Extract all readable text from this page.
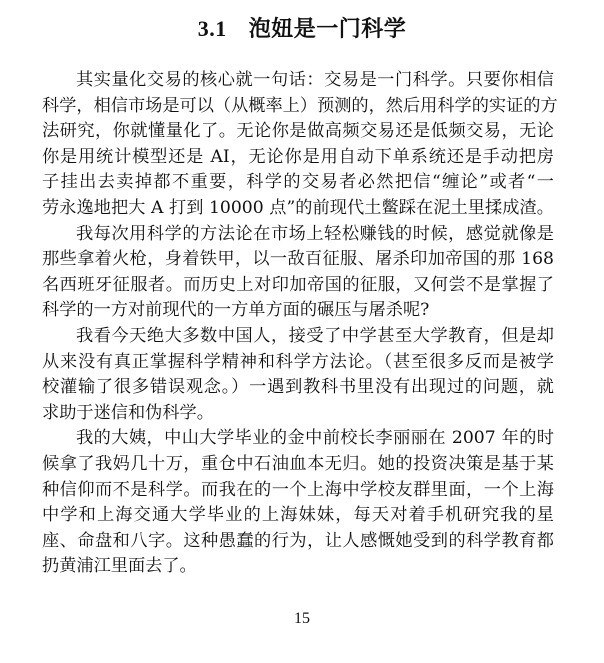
3.1 泡妞是一门科学
其实量化交易的核心就一句话：交易是一门科学。只要你相信
科学，相信市场是可以（从概率上）预测的，然后用科学的实证的方
法研究，你就懂量化了。无论你是做高频交易还是低频交易，无论
你是用统计模型还是 AI，无论你是用自动下单系统还是手动把房
子挂出去卖掉都不重要，科学的交易者必然把信“缠论”或者“一
劳永逸地把大 A 打到 10000 点”的前现代土鳖踩在泥土里揉成渣。
我每次用科学的方法论在市场上轻松赚钱的时候，感觉就像是
那些拿着火枪，身着铁甲，以一敌百征服、屠杀印加帝国的那 168
名西班牙征服者。而历史上对印加帝国的征服，又何尝不是掌握了
科学的一方对前现代的一方单方面的碾压与屠杀呢?
我看今天绝大多数中国人，接受了中学甚至大学教育，但是却
从来没有真正掌握科学精神和科学方法论。（甚至很多反而是被学
校灌输了很多错误观念。）一遇到教科书里没有出现过的问题，就
求助于迷信和伪科学。
我的大姨，中山大学毕业的金中前校长李丽丽在 2007 年的时
候拿了我妈几十万，重仓中石油血本无归。她的投资决策是基于某
种信仰而不是科学。而我在的一个上海中学校友群里面，一个上海
中学和上海交通大学毕业的上海妹妹，每天对着手机研究我的星
座、命盘和八字。这种愚蠢的行为，让人感慨她受到的科学教育都
扔黄浦江里面去了。
15
